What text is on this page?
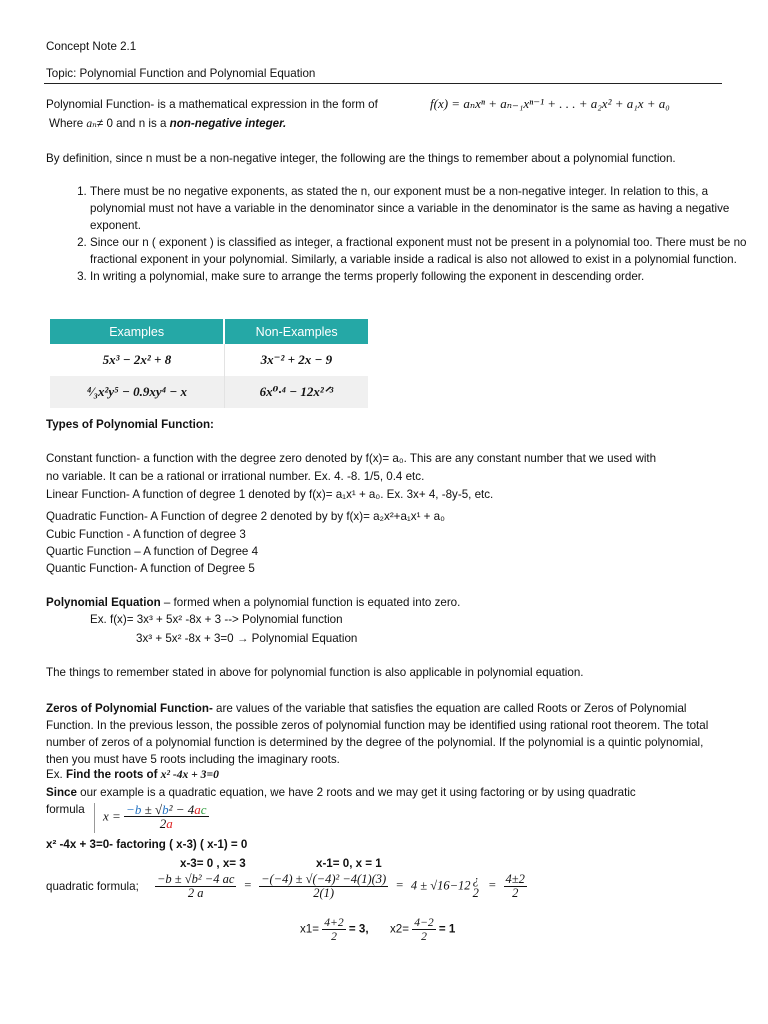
Concept Note 2.1
Topic: Polynomial Function and Polynomial Equation
Polynomial Function- is a mathematical expression in the form of	f(x) = aₙxⁿ + aₙ₋₁xⁿ⁻¹ + . . . + a₂x² + a₁x + a₀
Where aₙ≠ 0 and n is a non-negative integer.
By definition, since n must be a non-negative integer, the following are the things to remember about a polynomial function.
1. There must be no negative exponents, as stated the n, our exponent must be a non-negative integer. In relation to this, a polynomial must not have a variable in the denominator since a variable in the denominator is the same as having a negative exponent.
2. Since our n ( exponent ) is classified as integer, a fractional exponent must not be present in a polynomial too. There must be no fractional exponent in your polynomial. Similarly, a variable inside a radical is also not allowed to exist in a polynomial function.
3. In writing a polynomial, make sure to arrange the terms properly following the exponent in descending order.
Examples	Non-Examples
5x³ − 2x² + 8	3x⁻² + 2x − 9
⁴⁄₃x²y⁵ − 0.9xy⁴ − x	6x⁰·⁴ − 12x²ᐟ³
Types of Polynomial Function:
Constant function- a function with the degree zero denoted by f(x)= a₀. This are any constant number that we used with
no variable. It can be a rational or irrational number. Ex. 4. -8. 1/5, 0.4 etc.
Linear Function- A function of degree 1 denoted by f(x)= a₁x¹ + a₀. Ex. 3x+ 4, -8y-5, etc.
Quadratic Function- A Function of degree 2 denoted by by f(x)= a₂x²+a₁x¹ + a₀
Cubic Function - A function of degree 3
Quartic Function – A function of Degree 4
Quantic Function- A function of Degree 5
Polynomial Equation – formed when a polynomial function is equated into zero.
Ex. f(x)= 3x³ + 5x² -8x + 3 --> Polynomial function
3x³ + 5x² -8x + 3=0 → Polynomial Equation
The things to remember stated in above for polynomial function is also applicable in polynomial equation.
Zeros of Polynomial Function- are values of the variable that satisfies the equation are called Roots or Zeros of Polynomial Function. In the previous lesson, the possible zeros of polynomial function may be identified using rational root theorem. The total number of zeros of a polynomial function is determined by the degree of the polynomial. If the polynomial is a quintic polynomial, then you must have 5 roots including the imaginary roots.
Ex. Find the roots of x² -4x + 3=0
Since our example is a quadratic equation, we have 2 roots and we may get it using factoring or by using quadratic
formula	$x = \frac{\text{−b ± √b² − 4ac}}{2a}$
x² -4x + 3=0- factoring ( x-3) ( x-1) = 0
x-3= 0 , x= 3	x-1= 0, x = 1
quadratic formula; $\frac{\text{−b ± √b² −4 ac}}{2 a} = \frac{\text{−(−4) ± √(−4)² −4(1)(3)}}{2(1)} = 4 \pm √16-12$ ¿
2
= $\frac{4\pm 2}{2}$
$x1= \frac{4+2}{2} = 3$, $x2= \frac{4-2}{2} = 1$
